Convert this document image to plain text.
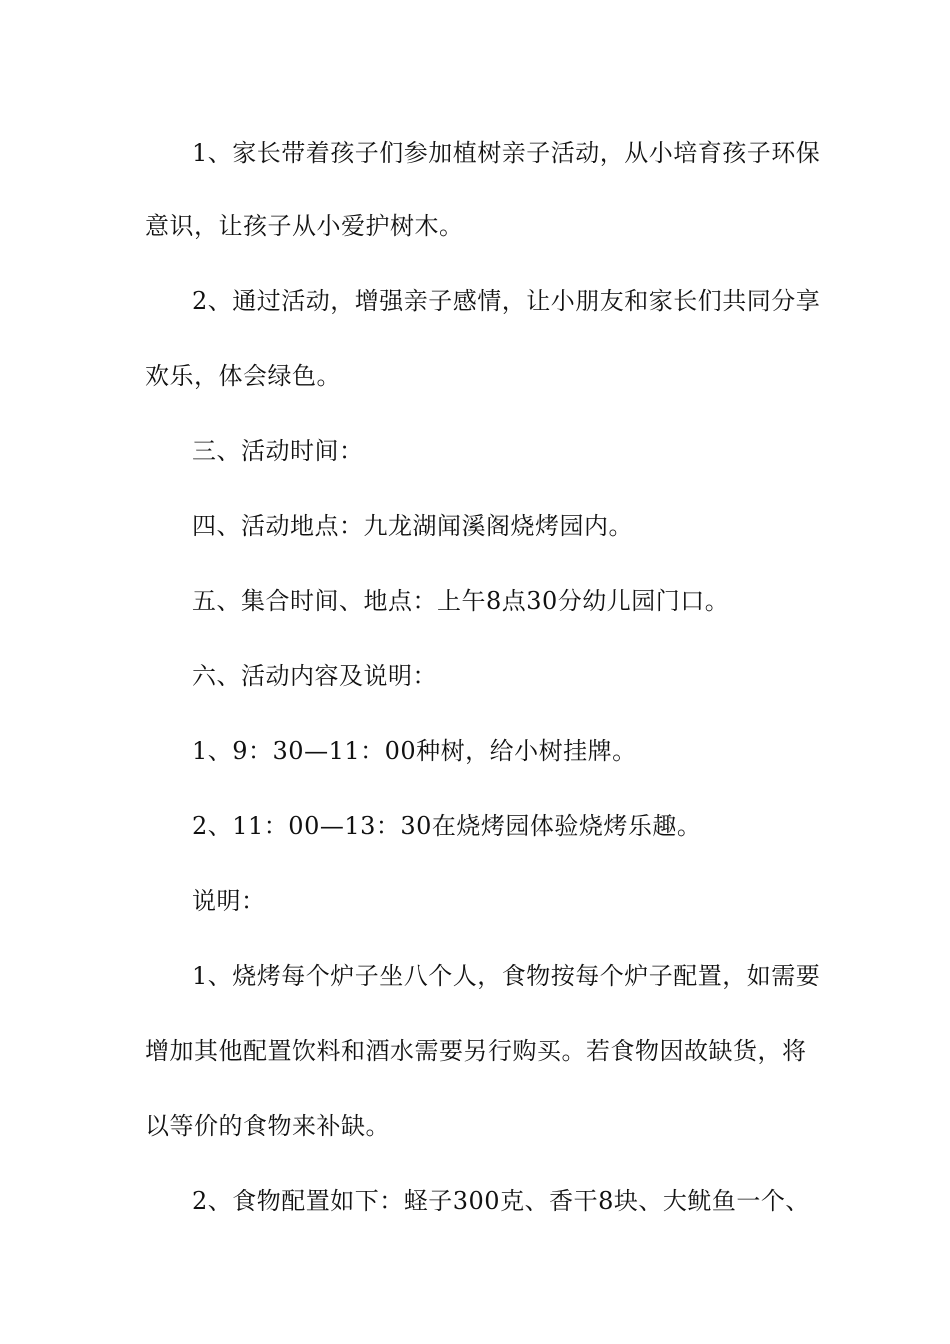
1、家长带着孩子们参加植树亲子活动，从小培育孩子环保
意识，让孩子从小爱护树木。
2、通过活动，增强亲子感情，让小朋友和家长们共同分享
欢乐，体会绿色。
三、活动时间：
四、活动地点：九龙湖闻溪阁烧烤园内。
五、集合时间、地点：上午8点30分幼儿园门口。
六、活动内容及说明：
1、9：30—11：00种树，给小树挂牌。
2、11：00—13：30在烧烤园体验烧烤乐趣。
说明：
1、烧烤每个炉子坐八个人，食物按每个炉子配置，如需要
增加其他配置饮料和酒水需要另行购买。若食物因故缺货，将
以等价的食物来补缺。
2、食物配置如下：蛏子300克、香干8块、大鱿鱼一个、
